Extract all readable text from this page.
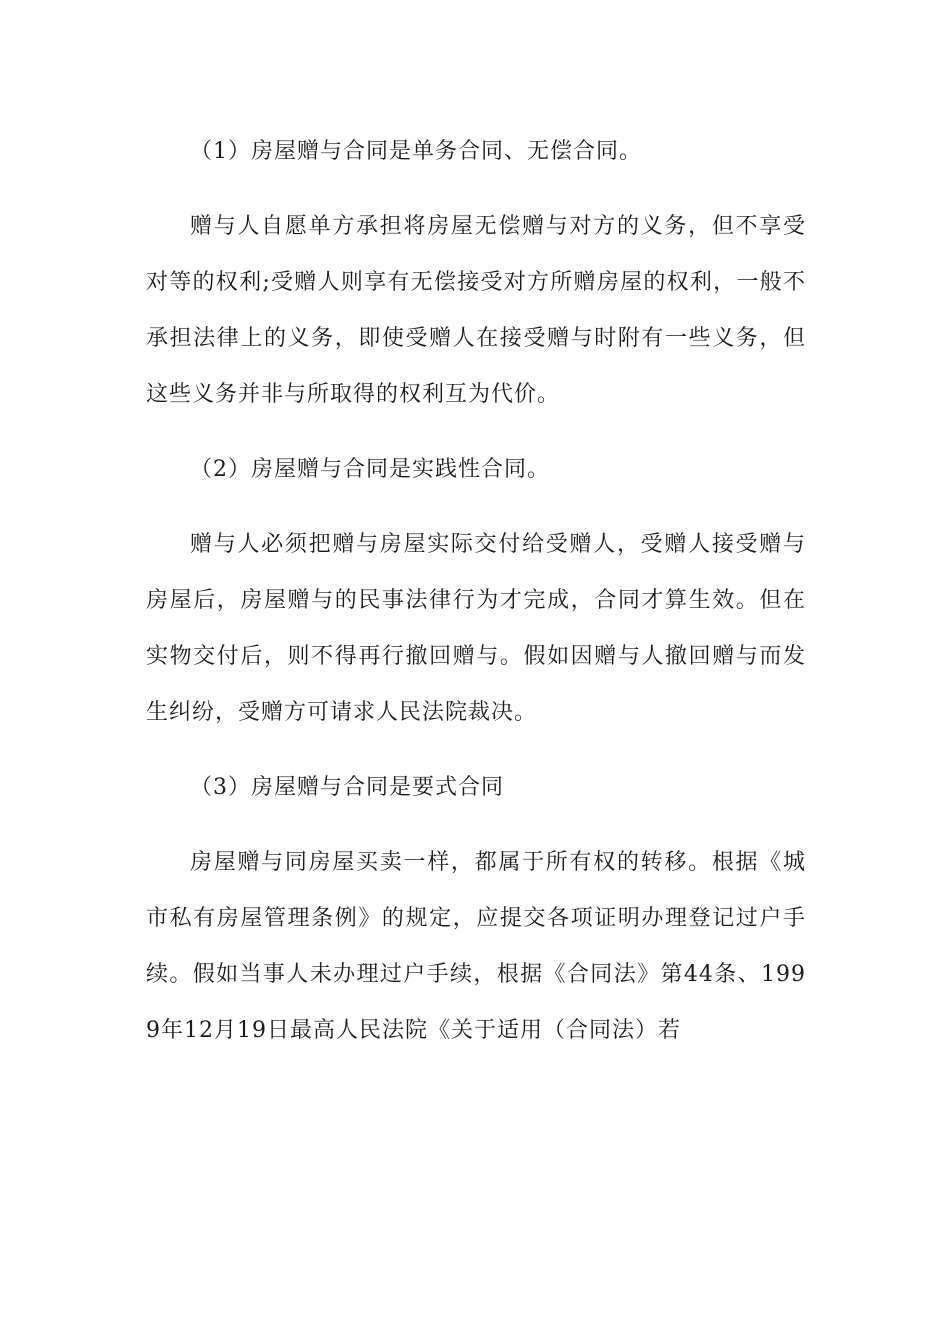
（1）房屋赠与合同是单务合同、无偿合同。

赠与人自愿单方承担将房屋无偿赠与对方的义务，但不享受对等的权利;受赠人则享有无偿接受对方所赠房屋的权利，一般不承担法律上的义务，即使受赠人在接受赠与时附有一些义务，但这些义务并非与所取得的权利互为代价。

（2）房屋赠与合同是实践性合同。

赠与人必须把赠与房屋实际交付给受赠人，受赠人接受赠与房屋后，房屋赠与的民事法律行为才完成，合同才算生效。但在实物交付后，则不得再行撤回赠与。假如因赠与人撤回赠与而发生纠纷，受赠方可请求人民法院裁决。

（3）房屋赠与合同是要式合同

房屋赠与同房屋买卖一样，都属于所有权的转移。根据《城市私有房屋管理条例》的规定，应提交各项证明办理登记过户手续。假如当事人未办理过户手续，根据《合同法》第44条、1999年12月19日最高人民法院《关于适用（合同法）若
